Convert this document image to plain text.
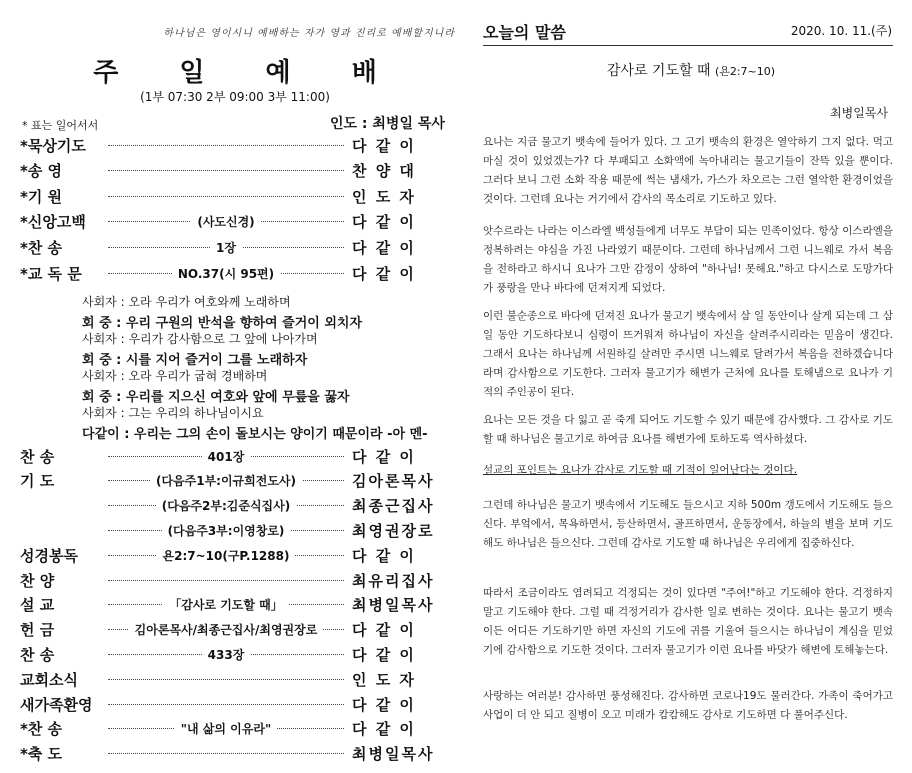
하나님은 영이시니 예배하는 자가 영과 진리로 예배할지니라
주 일 예 배
(1부 07:30 2부 09:00 3부 11:00)
* 표는 일어서서	인도 : 최병일 목사
*묵상기도	다 같 이
*송 영	찬 양 대
*기 원	인 도 자
*신앙고백	(사도신경)	다 같 이
*찬 송	1장	다 같 이
*교 독 문	NO.37(시 95편)	다 같 이
사회자 : 오라 우리가 여호와께 노래하며
회 중 : 우리 구원의 반석을 향하여 즐거이 외치자
사회자 : 우리가 감사함으로 그 앞에 나아가며
회 중 : 시를 지어 즐거이 그를 노래하자
사회자 : 오라 우리가 굽혀 경배하며
회 중 : 우리를 지으신 여호와 앞에 무릎을 꿇자
사회자 : 그는 우리의 하나님이시요
다같이 : 우리는 그의 손이 돌보시는 양이기 때문이라 -아 멘-
찬 송	401장	다 같 이
기 도	(다음주1부:이규희전도사)	김아론목사
(다음주2부:김준식집사)	최종근집사
(다음주3부:이영창로)	최영권장로
성경봉독	욘2:7~10(구P.1288)	다 같 이
찬 양	최유리집사
설 교	「감사로 기도할 때」	최병일목사
헌 금	김아론목사/최종근집사/최영권장로	다 같 이
찬 송	433장	다 같 이
교회소식	인 도 자
새가족환영	다 같 이
*찬 송	"내 삶의 이유라"	다 같 이
*축 도	최병일목사
오늘의 말씀	2020. 10. 11.(주)
감사로 기도할 때 (욘2:7~10)
최병일목사
요나는 지금 물고기 뱃속에 들어가 있다. 그 고기 뱃속의 환경은 열악하기 그지 없다. 먹고 마실 것이 있었겠는가? 다 부패되고 소화액에 녹아내리는 물고기들이 잔뜩 있을 뿐이다. 그러다 보니 그런 소화 작용 때문에 썩는 냄새가, 가스가 차오르는 그런 열악한 환경이었을 것이다. 그런데 요나는 거기에서 감사의 목소리로 기도하고 있다.
앗수르라는 나라는 이스라엘 백성들에게 너무도 부담이 되는 민족이었다. 항상 이스라엘을 정복하려는 야심을 가진 나라였기 때문이다. 그런데 하나님께서 그런 니느웨로 가서 복음을 전하라고 하시니 요나가 그만 감정이 상하여 "하나님! 못해요."하고 다시스로 도망가다가 풍랑을 만나 바다에 던져지게 되었다.
이런 불순종으로 바다에 던져진 요나가 물고기 뱃속에서 삼 일 동안이나 살게 되는데 그 삼 일 동안 기도하다보니 심령이 뜨거워져 하나님이 자신을 살려주시리라는 믿음이 생긴다. 그래서 요나는 하나님께 서원하길 살려만 주시면 니느웨로 달려가서 복음을 전하겠습니다라며 감사함으로 기도한다. 그러자 물고기가 해변가 근처에 요나를 토해냄으로 요나가 기적의 주인공이 된다.
요나는 모든 것을 다 잃고 곧 죽게 되어도 기도할 수 있기 때문에 감사했다. 그 감사로 기도할 때 하나님은 물고기로 하여금 요나를 해변가에 토하도록 역사하셨다.
설교의 포인트는 요나가 감사로 기도할 때 기적이 일어난다는 것이다.
그런데 하나님은 물고기 뱃속에서 기도해도 들으시고 지하 500m 갱도에서 기도해도 들으신다. 부엌에서, 목욕하면서, 등산하면서, 골프하면서, 운동장에서, 하늘의 별을 보며 기도해도 하나님은 들으신다. 그런데 감사로 기도할 때 하나님은 우리에게 집중하신다.
따라서 조금이라도 염려되고 걱정되는 것이 있다면 "주여!"하고 기도해야 한다. 걱정하지 말고 기도해야 한다. 그럴 때 걱정거리가 감사한 일로 변하는 것이다. 요나는 물고기 뱃속이든 어디든 기도하기만 하면 자신의 기도에 귀를 기울여 들으시는 하나님이 계심을 믿었기에 감사함으로 기도한 것이다. 그러자 물고기가 이런 요나를 바닷가 해변에 토해놓는다.
사랑하는 여러분! 감사하면 풍성해진다. 감사하면 코로나19도 물러간다. 가족이 죽어가고 사업이 더 안 되고 질병이 오고 미래가 캄캄해도 감사로 기도하면 다 풀어주신다.
